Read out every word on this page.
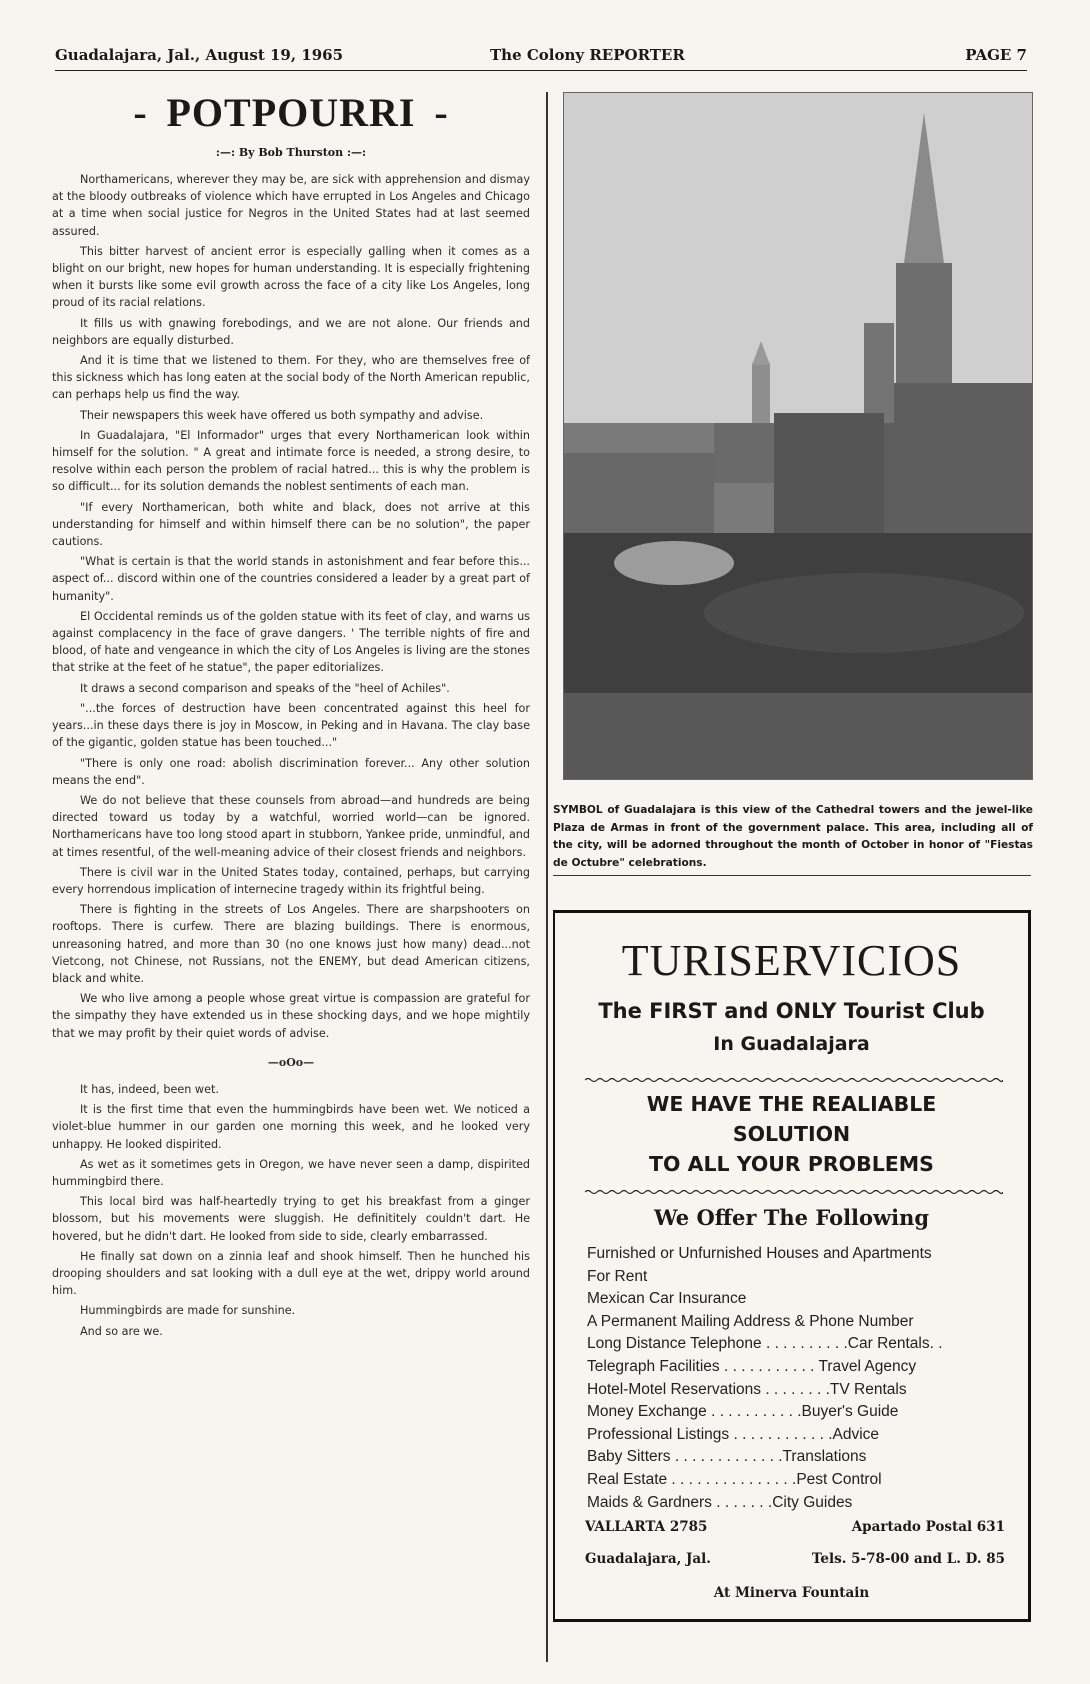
Guadalajara, Jal., August 19, 1965	The Colony REPORTER	PAGE 7
- POTPOURRI -
:—: By Bob Thurston :—:

Northamericans, wherever they may be, are sick with apprehension and dismay at the bloody outbreaks of violence which have errupted in Los Angeles and Chicago at a time when social justice for Negros in the United States had at last seemed assured.

This bitter harvest of ancient error is especially galling when it comes as a blight on our bright, new hopes for human understanding. It is especially frightening when it bursts like some evil growth across the face of a city like Los Angeles, long proud of its racial relations.

It fills us with gnawing forebodings, and we are not alone. Our friends and neighbors are equally disturbed.

And it is time that we listened to them. For they, who are themselves free of this sickness which has long eaten at the social body of the North American republic, can perhaps help us find the way.

Their newspapers this week have offered us both sympathy and advise.

In Guadalajara, "El Informador" urges that every Northamerican look within himself for the solution. " A great and intimate force is needed, a strong desire, to resolve within each person the problem of racial hatred... this is why the problem is so difficult... for its solution demands the noblest sentiments of each man.

"If every Northamerican, both white and black, does not arrive at this understanding for himself and within himself there can be no solution", the paper cautions.

"What is certain is that the world stands in astonishment and fear before this... aspect of... discord within one of the countries considered a leader by a great part of humanity".

El Occidental reminds us of the golden statue with its feet of clay, and warns us against complacency in the face of grave dangers. ' The terrible nights of fire and blood, of hate and vengeance in which the city of Los Angeles is living are the stones that strike at the feet of he statue", the paper editorializes.

It draws a second comparison and speaks of the "heel of Achiles".

"...the forces of destruction have been concentrated against this heel for years...in these days there is joy in Moscow, in Peking and in Havana. The clay base of the gigantic, golden statue has been touched..."

"There is only one road: abolish discrimination forever... Any other solution means the end".

We do not believe that these counsels from abroad—and hundreds are being directed toward us today by a watchful, worried world—can be ignored. Northamericans have too long stood apart in stubborn, Yankee pride, unmindful, and at times resentful, of the well-meaning advice of their closest friends and neighbors.

There is civil war in the United States today, contained, perhaps, but carrying every horrendous implication of internecine tragedy within its frightful being.

There is fighting in the streets of Los Angeles. There are sharpshooters on rooftops. There is curfew. There are blazing buildings. There is enormous, unreasoning hatred, and more than 30 (no one knows just how many) dead...not Vietcong, not Chinese, not Russians, not the ENEMY, but dead American citizens, black and white.

We who live among a people whose great virtue is compassion are grateful for the simpathy they have extended us in these shocking days, and we hope mightily that we may profit by their quiet words of advise.

—oOo—

It has, indeed, been wet.

It is the first time that even the hummingbirds have been wet. We noticed a violet-blue hummer in our garden one morning this week, and he looked very unhappy. He looked dispirited.

As wet as it sometimes gets in Oregon, we have never seen a damp, dispirited hummingbird there.

This local bird was half-heartedly trying to get his breakfast from a ginger blossom, but his movements were sluggish. He definititely couldn't dart. He hovered, but he didn't dart. He looked from side to side, clearly embarrassed.

He finally sat down on a zinnia leaf and shook himself. Then he hunched his drooping shoulders and sat looking with a dull eye at the wet, drippy world around him.

Hummingbirds are made for sunshine.

And so are we.

SYMBOL of Guadalajara is this view of the Cathedral towers and the jewel-like Plaza de Armas in front of the government palace. This area, including all of the city, will be adorned throughout the month of October in honor of "Fiestas de Octubre" celebrations.
TURISERVICIOS
The FIRST and ONLY Tourist Club
In Guadalajara
WE HAVE THE REALIABLE
SOLUTION
TO ALL YOUR PROBLEMS
We Offer The Following
Furnished or Unfurnished Houses and Apartments
For Rent
Mexican Car Insurance
A Permanent Mailing Address & Phone Number
Long Distance Telephone . . . . . . . . . .Car Rentals. .
Telegraph Facilities . . . . . . . . . . . Travel Agency
Hotel-Motel Reservations . . . . . . . .TV Rentals
Money Exchange . . . . . . . . . . .Buyer's Guide
Professional Listings . . . . . . . . . . . .Advice
Baby Sitters . . . . . . . . . . . . .Translations
Real Estate . . . . . . . . . . . . . . .Pest Control
Maids & Gardners . . . . . . .City Guides
VALLARTA 2785	Apartado Postal 631
Guadalajara, Jal.	Tels. 5-78-00 and L. D. 85
At Minerva Fountain
